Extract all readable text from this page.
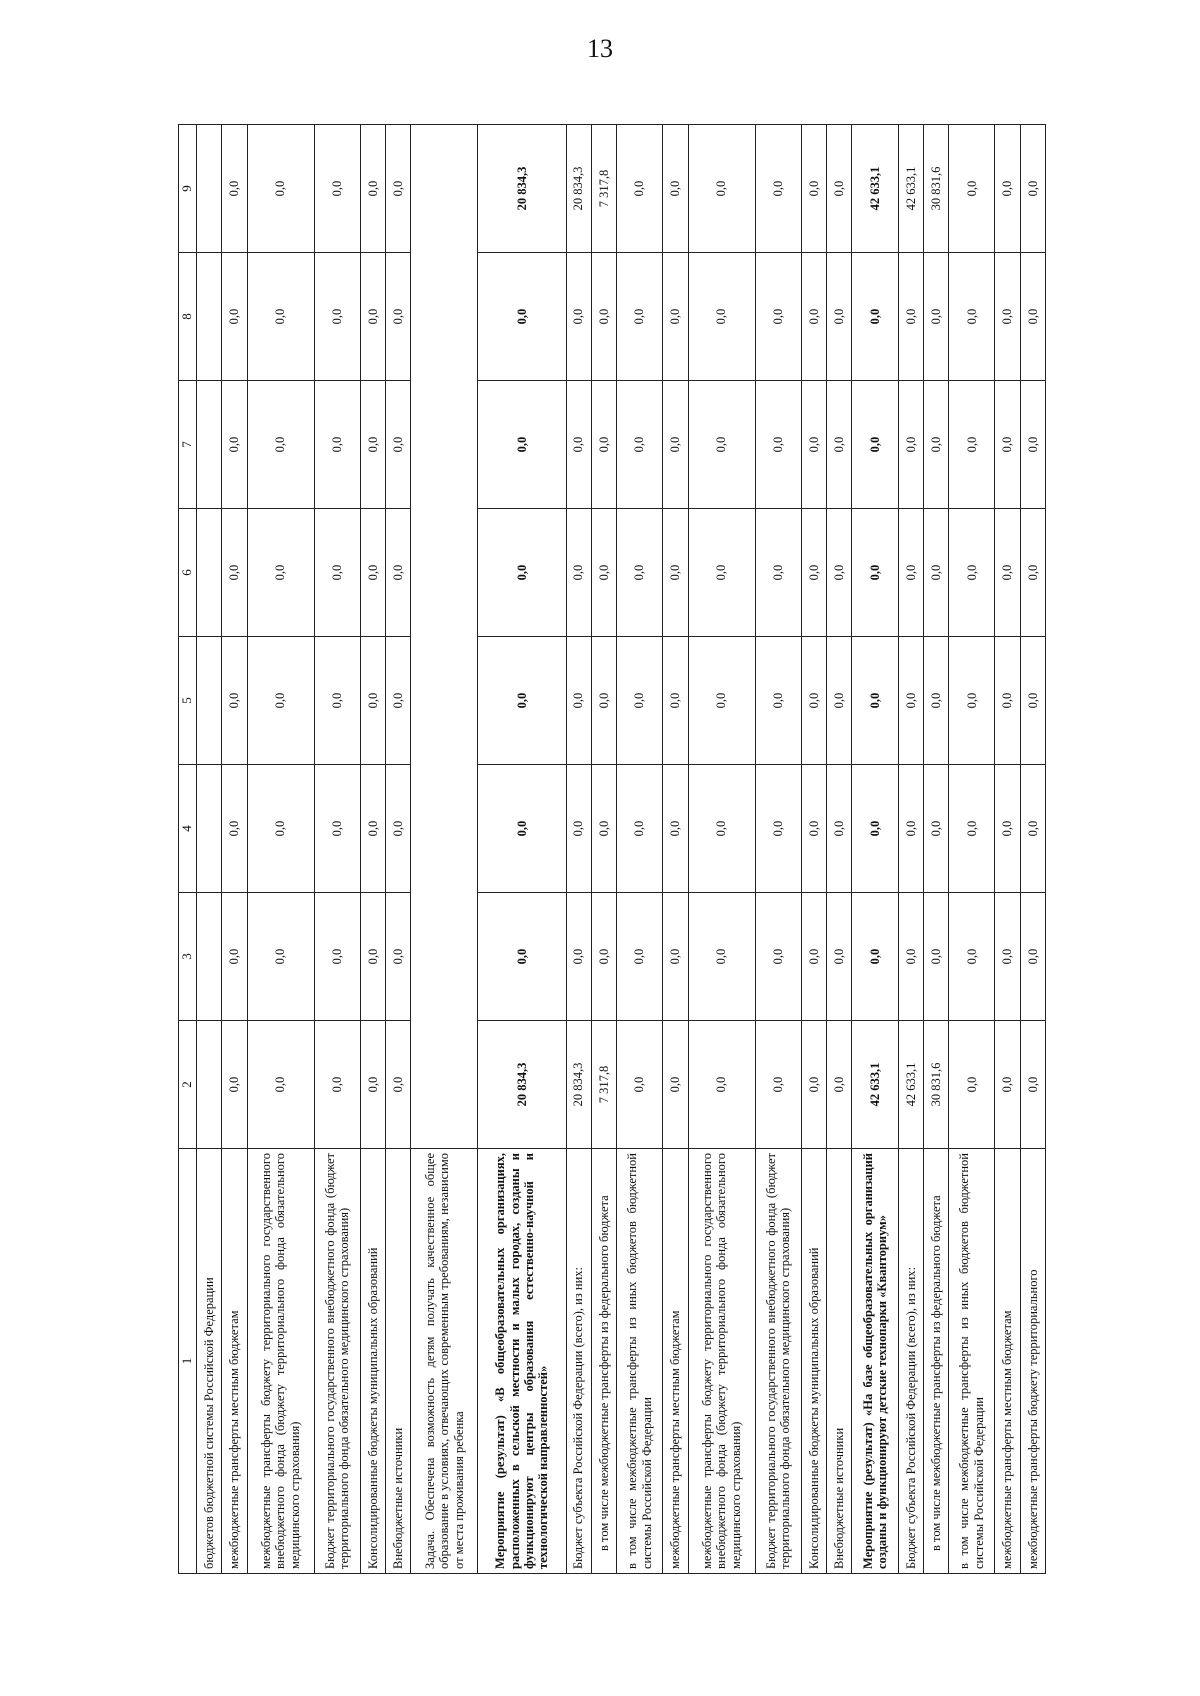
13
1	2	3	4	5	6	7	8	9
бюджетов бюджетной системы Российской Федерации								
межбюджетные трансферты местным бюджетам	0,0	0,0	0,0	0,0	0,0	0,0	0,0	0,0
межбюджетные трансферты бюджету территориального государственного внебюджетного фонда (бюджету территориального фонда обязательного медицинского страхования)	0,0	0,0	0,0	0,0	0,0	0,0	0,0	0,0
Бюджет территориального государственного внебюджетного фонда (бюджет территориального фонда обязательного медицинского страхования)	0,0	0,0	0,0	0,0	0,0	0,0	0,0	0,0
Консолидированные бюджеты муниципальных образований	0,0	0,0	0,0	0,0	0,0	0,0	0,0	0,0
Внебюджетные источники	0,0	0,0	0,0	0,0	0,0	0,0	0,0	0,0
Задача. Обеспечена возможность детям получать качественное общее образование в условиях, отвечающих современным требованиям, независимо от места проживания ребенка								
Мероприятие (результат) «В общеобразовательных организациях, расположенных в сельской местности и малых городах, созданы и функционируют центры образования естественно-научной и технологической направленностей»	20 834,3	0,0	0,0	0,0	0,0	0,0	0,0	20 834,3
Бюджет субъекта Российской Федерации (всего), из них:	20 834,3	0,0	0,0	0,0	0,0	0,0	0,0	20 834,3
в том числе межбюджетные трансферты из федерального бюджета	7 317,8	0,0	0,0	0,0	0,0	0,0	0,0	7 317,8
в том числе межбюджетные трансферты из иных бюджетов бюджетной системы Российской Федерации	0,0	0,0	0,0	0,0	0,0	0,0	0,0	0,0
межбюджетные трансферты местным бюджетам	0,0	0,0	0,0	0,0	0,0	0,0	0,0	0,0
межбюджетные трансферты бюджету территориального государственного внебюджетного фонда (бюджету территориального фонда обязательного медицинского страхования)	0,0	0,0	0,0	0,0	0,0	0,0	0,0	0,0
Бюджет территориального государственного внебюджетного фонда (бюджет территориального фонда обязательного медицинского страхования)	0,0	0,0	0,0	0,0	0,0	0,0	0,0	0,0
Консолидированные бюджеты муниципальных образований	0,0	0,0	0,0	0,0	0,0	0,0	0,0	0,0
Внебюджетные источники	0,0	0,0	0,0	0,0	0,0	0,0	0,0	0,0
Мероприятие (результат) «На базе общеобразовательных организаций созданы и функционируют детские технопарки «Кванториум»	42 633,1	0,0	0,0	0,0	0,0	0,0	0,0	42 633,1
Бюджет субъекта Российской Федерации (всего), из них:	42 633,1	0,0	0,0	0,0	0,0	0,0	0,0	42 633,1
в том числе межбюджетные трансферты из федерального бюджета	30 831,6	0,0	0,0	0,0	0,0	0,0	0,0	30 831,6
в том числе межбюджетные трансферты из иных бюджетов бюджетной системы Российской Федерации	0,0	0,0	0,0	0,0	0,0	0,0	0,0	0,0
межбюджетные трансферты местным бюджетам	0,0	0,0	0,0	0,0	0,0	0,0	0,0	0,0
межбюджетные трансферты бюджету территориального	0,0	0,0	0,0	0,0	0,0	0,0	0,0	0,0
